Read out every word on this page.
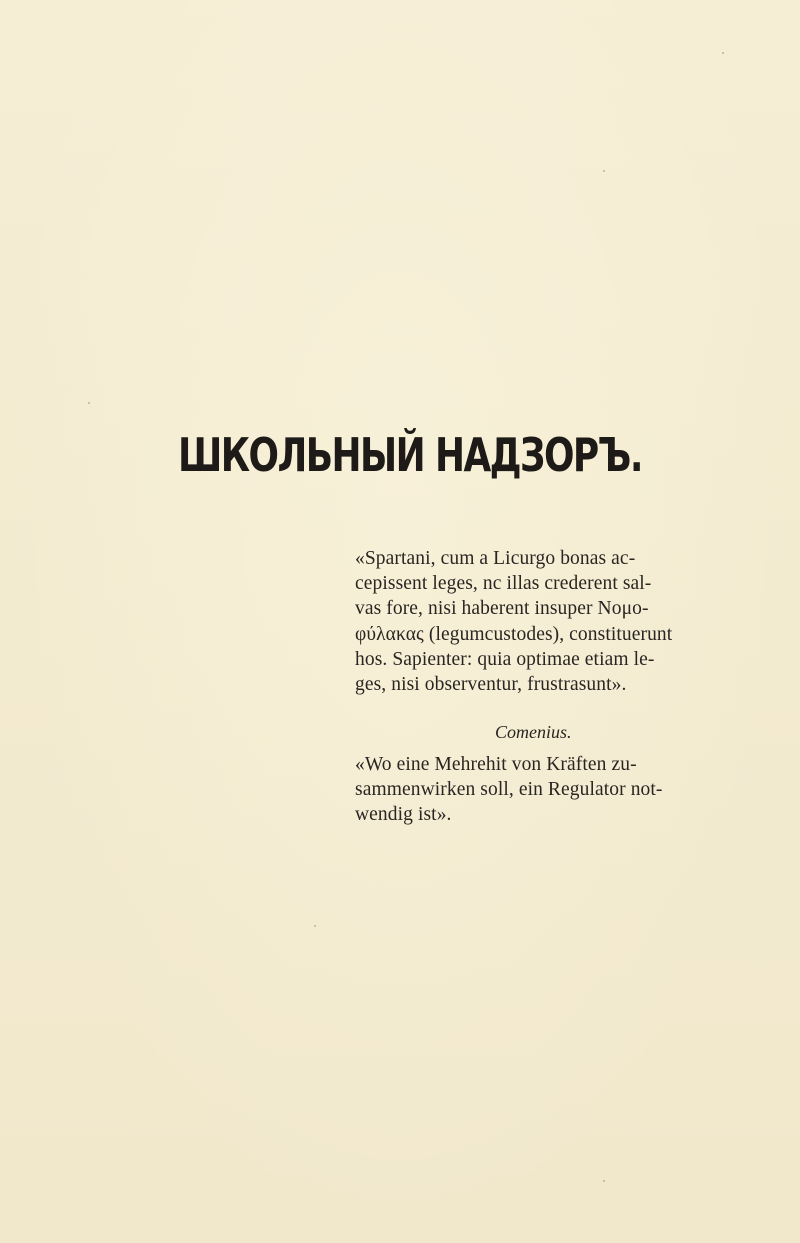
ШКОЛЬНЫЙ НАДЗОРЪ.
«Spartani, cum a Licurgo bonas ac-
cepissent leges, nc illas crederent sal-
vas fore, nisi haberent insuper Νομο-
φύλακας (legumcustodes), constituerunt
hos. Sapienter: quia optimae etiam le-
ges, nisi observentur, frustrasunt».
Comenius.
«Wo eine Mehrehit von Kräften zu-
sammenwirken soll, ein Regulator not-
wendig ist».
